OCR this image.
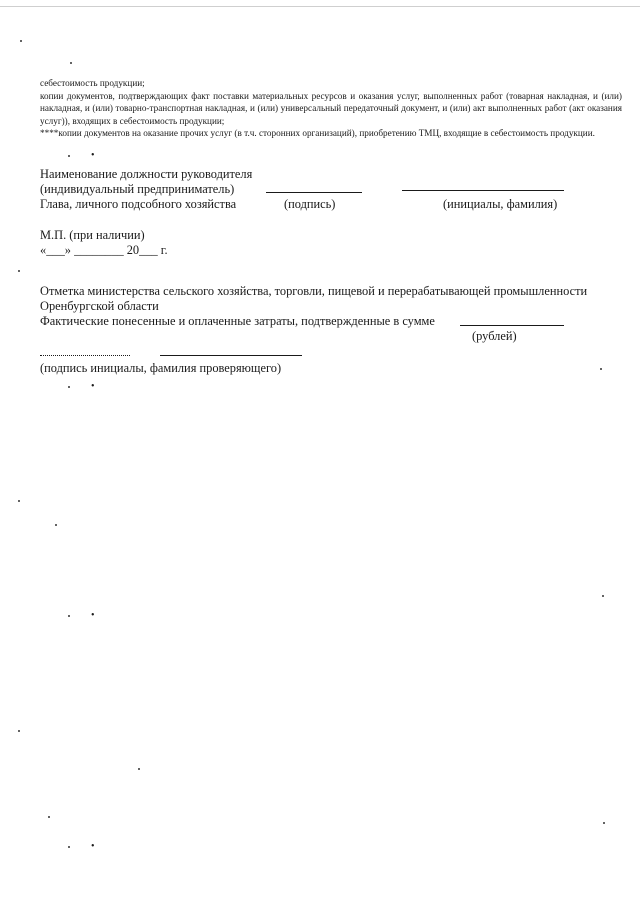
себестоимость продукции;
копии документов, подтверждающих факт поставки материальных ресурсов и оказания услуг, выполненных работ (товарная накладная, и (или) накладная, и (или) товарно-транспортная накладная, и (или) универсальный передаточный документ, и (или) акт выполненных работ (акт оказания услуг)), входящих в себестоимость продукции;
****копии документов на оказание прочих услуг (в т.ч. сторонних организаций), приобретению ТМЦ, входящие в себестоимость продукции.
Наименование должности руководителя
(индивидуальный предприниматель)
Глава, личного подсобного хозяйства	(подпись)	(инициалы, фамилия)
М.П. (при наличии)
«___» ________ 20___ г.
Отметка министерства сельского хозяйства, торговли, пищевой и перерабатывающей промышленности
Оренбургской области
Фактические понесенные и оплаченные затраты, подтвержденные в сумме
(рублей)
(подпись инициалы, фамилия проверяющего)
•
•
•
•
